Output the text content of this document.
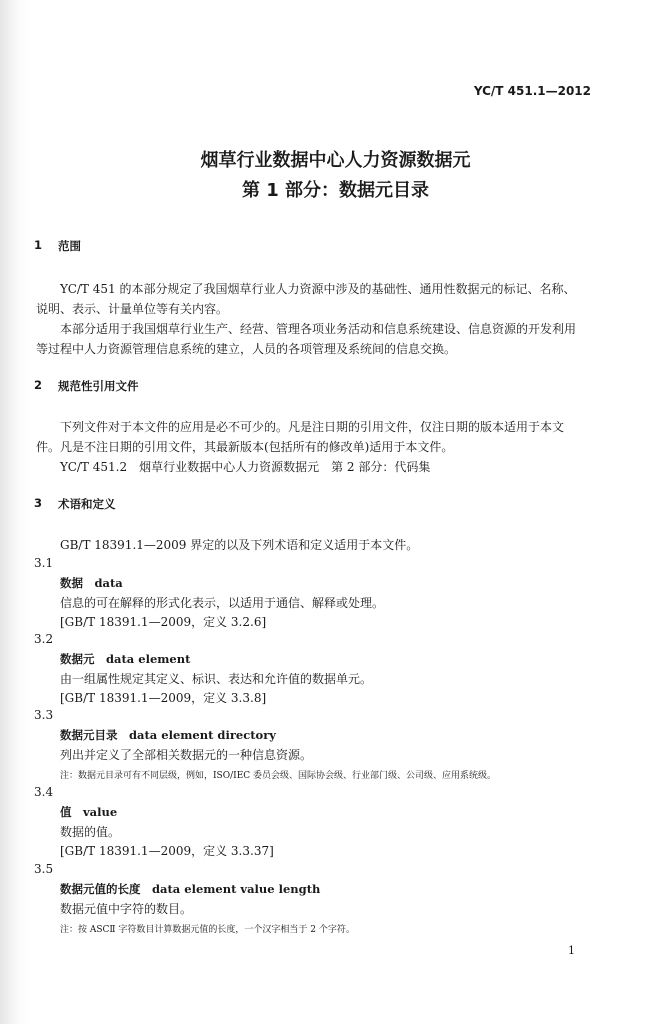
YC/T 451.1—2012
烟草行业数据中心人力资源数据元
第 1 部分：数据元目录
1 范围
YC/T 451 的本部分规定了我国烟草行业人力资源中涉及的基础性、通用性数据元的标记、名称、
说明、表示、计量单位等有关内容。
本部分适用于我国烟草行业生产、经营、管理各项业务活动和信息系统建设、信息资源的开发利用
等过程中人力资源管理信息系统的建立，人员的各项管理及系统间的信息交换。
2 规范性引用文件
下列文件对于本文件的应用是必不可少的。凡是注日期的引用文件，仅注日期的版本适用于本文
件。凡是不注日期的引用文件，其最新版本(包括所有的修改单)适用于本文件。
YC/T 451.2　烟草行业数据中心人力资源数据元　第 2 部分：代码集
3 术语和定义
GB/T 18391.1—2009 界定的以及下列术语和定义适用于本文件。
3.1
数据　data
信息的可在解释的形式化表示，以适用于通信、解释或处理。
[GB/T 18391.1—2009，定义 3.2.6]
3.2
数据元　data element
由一组属性规定其定义、标识、表达和允许值的数据单元。
[GB/T 18391.1—2009，定义 3.3.8]
3.3
数据元目录　data element directory
列出并定义了全部相关数据元的一种信息资源。
注：数据元目录可有不同层级，例如，ISO/IEC 委员会级、国际协会级、行业部门级、公司级、应用系统级。
3.4
值　value
数据的值。
[GB/T 18391.1—2009，定义 3.3.37]
3.5
数据元值的长度　data element value length
数据元值中字符的数目。
注：按 ASCⅡ 字符数目计算数据元值的长度，一个汉字相当于 2 个字符。
1
